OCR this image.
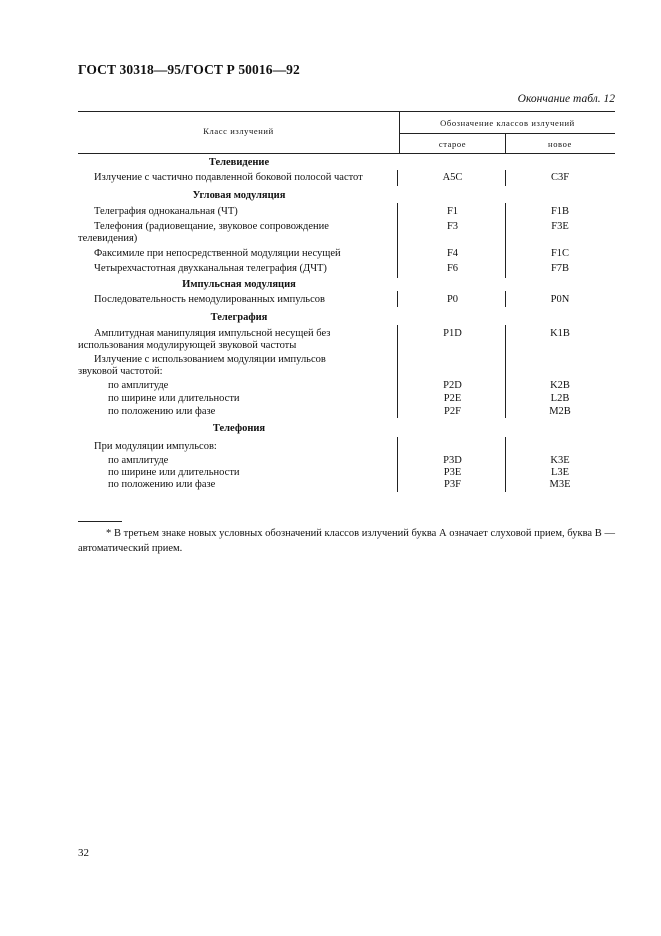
ГОСТ 30318—95/ГОСТ Р 50016—92
Окончание табл. 12
Класс излучений
Обозначение классов излучений
старое	новое
Телевидение
Излучение с частично подавленной боковой полосой частот	A5C	C3F
Угловая модуляция
Телеграфия одноканальная (ЧТ)	F1	F1B
Телефония (радиовещание, звуковое сопровождение
телевидения)
F3	F3E
Факсимиле при непосредственной модуляции несущей	F4	F1C
Четырехчастотная двухканальная телеграфия (ДЧТ)	F6	F7B
Импульсная модуляция
Последовательность немодулированных импульсов	P0	P0N
Телеграфия
Амплитудная манипуляция импульсной несущей без
использования модулирующей звуковой частоты
P1D	K1B
Излучение с использованием модуляции импульсов
звуковой частотой:
по амплитуде	P2D	K2B
по ширине или длительности	P2E	L2B
по положению или фазе	P2F	M2B
Телефония
При модуляции импульсов:
по амплитуде	P3D	K3E
по ширине или длительности	P3E	L3E
по положению или фазе	P3F	M3E
* В третьем знаке новых условных обозначений классов излучений буква А означает слуховой прием, буква В — автоматический прием.
32
